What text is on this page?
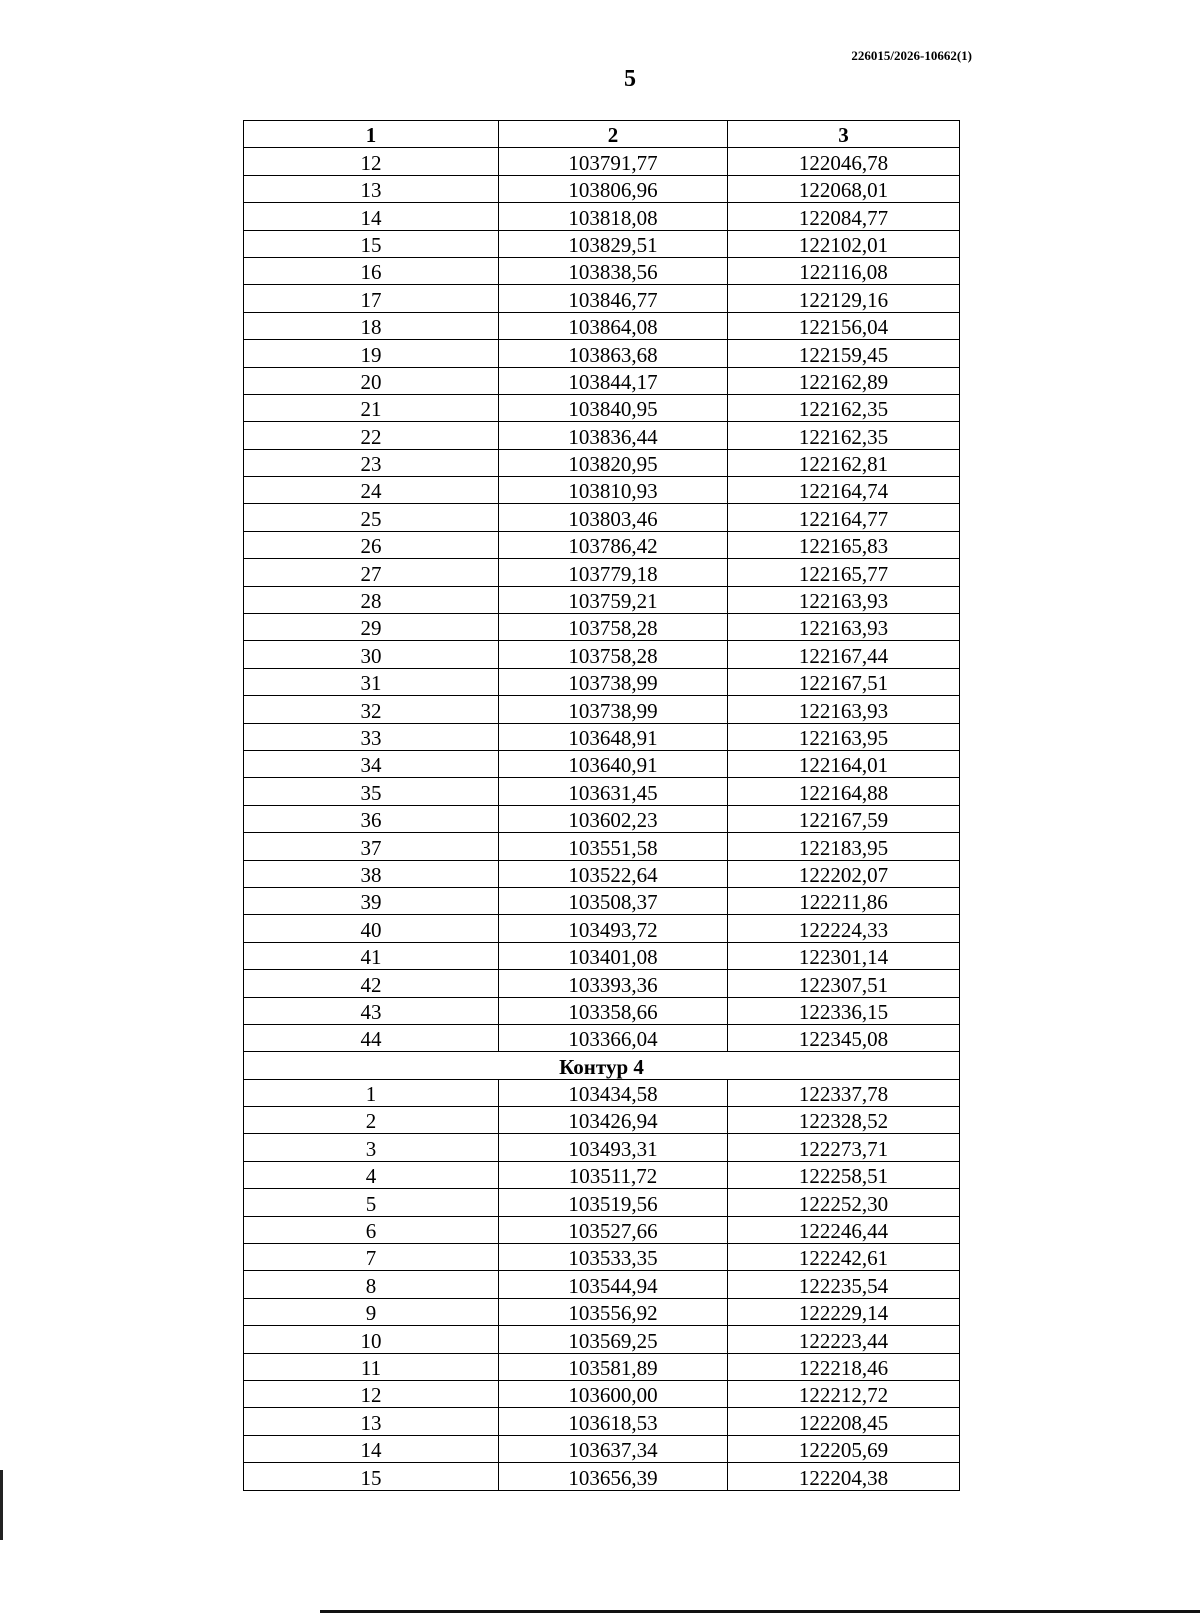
226015/2026-10662(1)
5
1	2	3
12	103791,77	122046,78
13	103806,96	122068,01
14	103818,08	122084,77
15	103829,51	122102,01
16	103838,56	122116,08
17	103846,77	122129,16
18	103864,08	122156,04
19	103863,68	122159,45
20	103844,17	122162,89
21	103840,95	122162,35
22	103836,44	122162,35
23	103820,95	122162,81
24	103810,93	122164,74
25	103803,46	122164,77
26	103786,42	122165,83
27	103779,18	122165,77
28	103759,21	122163,93
29	103758,28	122163,93
30	103758,28	122167,44
31	103738,99	122167,51
32	103738,99	122163,93
33	103648,91	122163,95
34	103640,91	122164,01
35	103631,45	122164,88
36	103602,23	122167,59
37	103551,58	122183,95
38	103522,64	122202,07
39	103508,37	122211,86
40	103493,72	122224,33
41	103401,08	122301,14
42	103393,36	122307,51
43	103358,66	122336,15
44	103366,04	122345,08
Контур 4		
1	103434,58	122337,78
2	103426,94	122328,52
3	103493,31	122273,71
4	103511,72	122258,51
5	103519,56	122252,30
6	103527,66	122246,44
7	103533,35	122242,61
8	103544,94	122235,54
9	103556,92	122229,14
10	103569,25	122223,44
11	103581,89	122218,46
12	103600,00	122212,72
13	103618,53	122208,45
14	103637,34	122205,69
15	103656,39	122204,38
